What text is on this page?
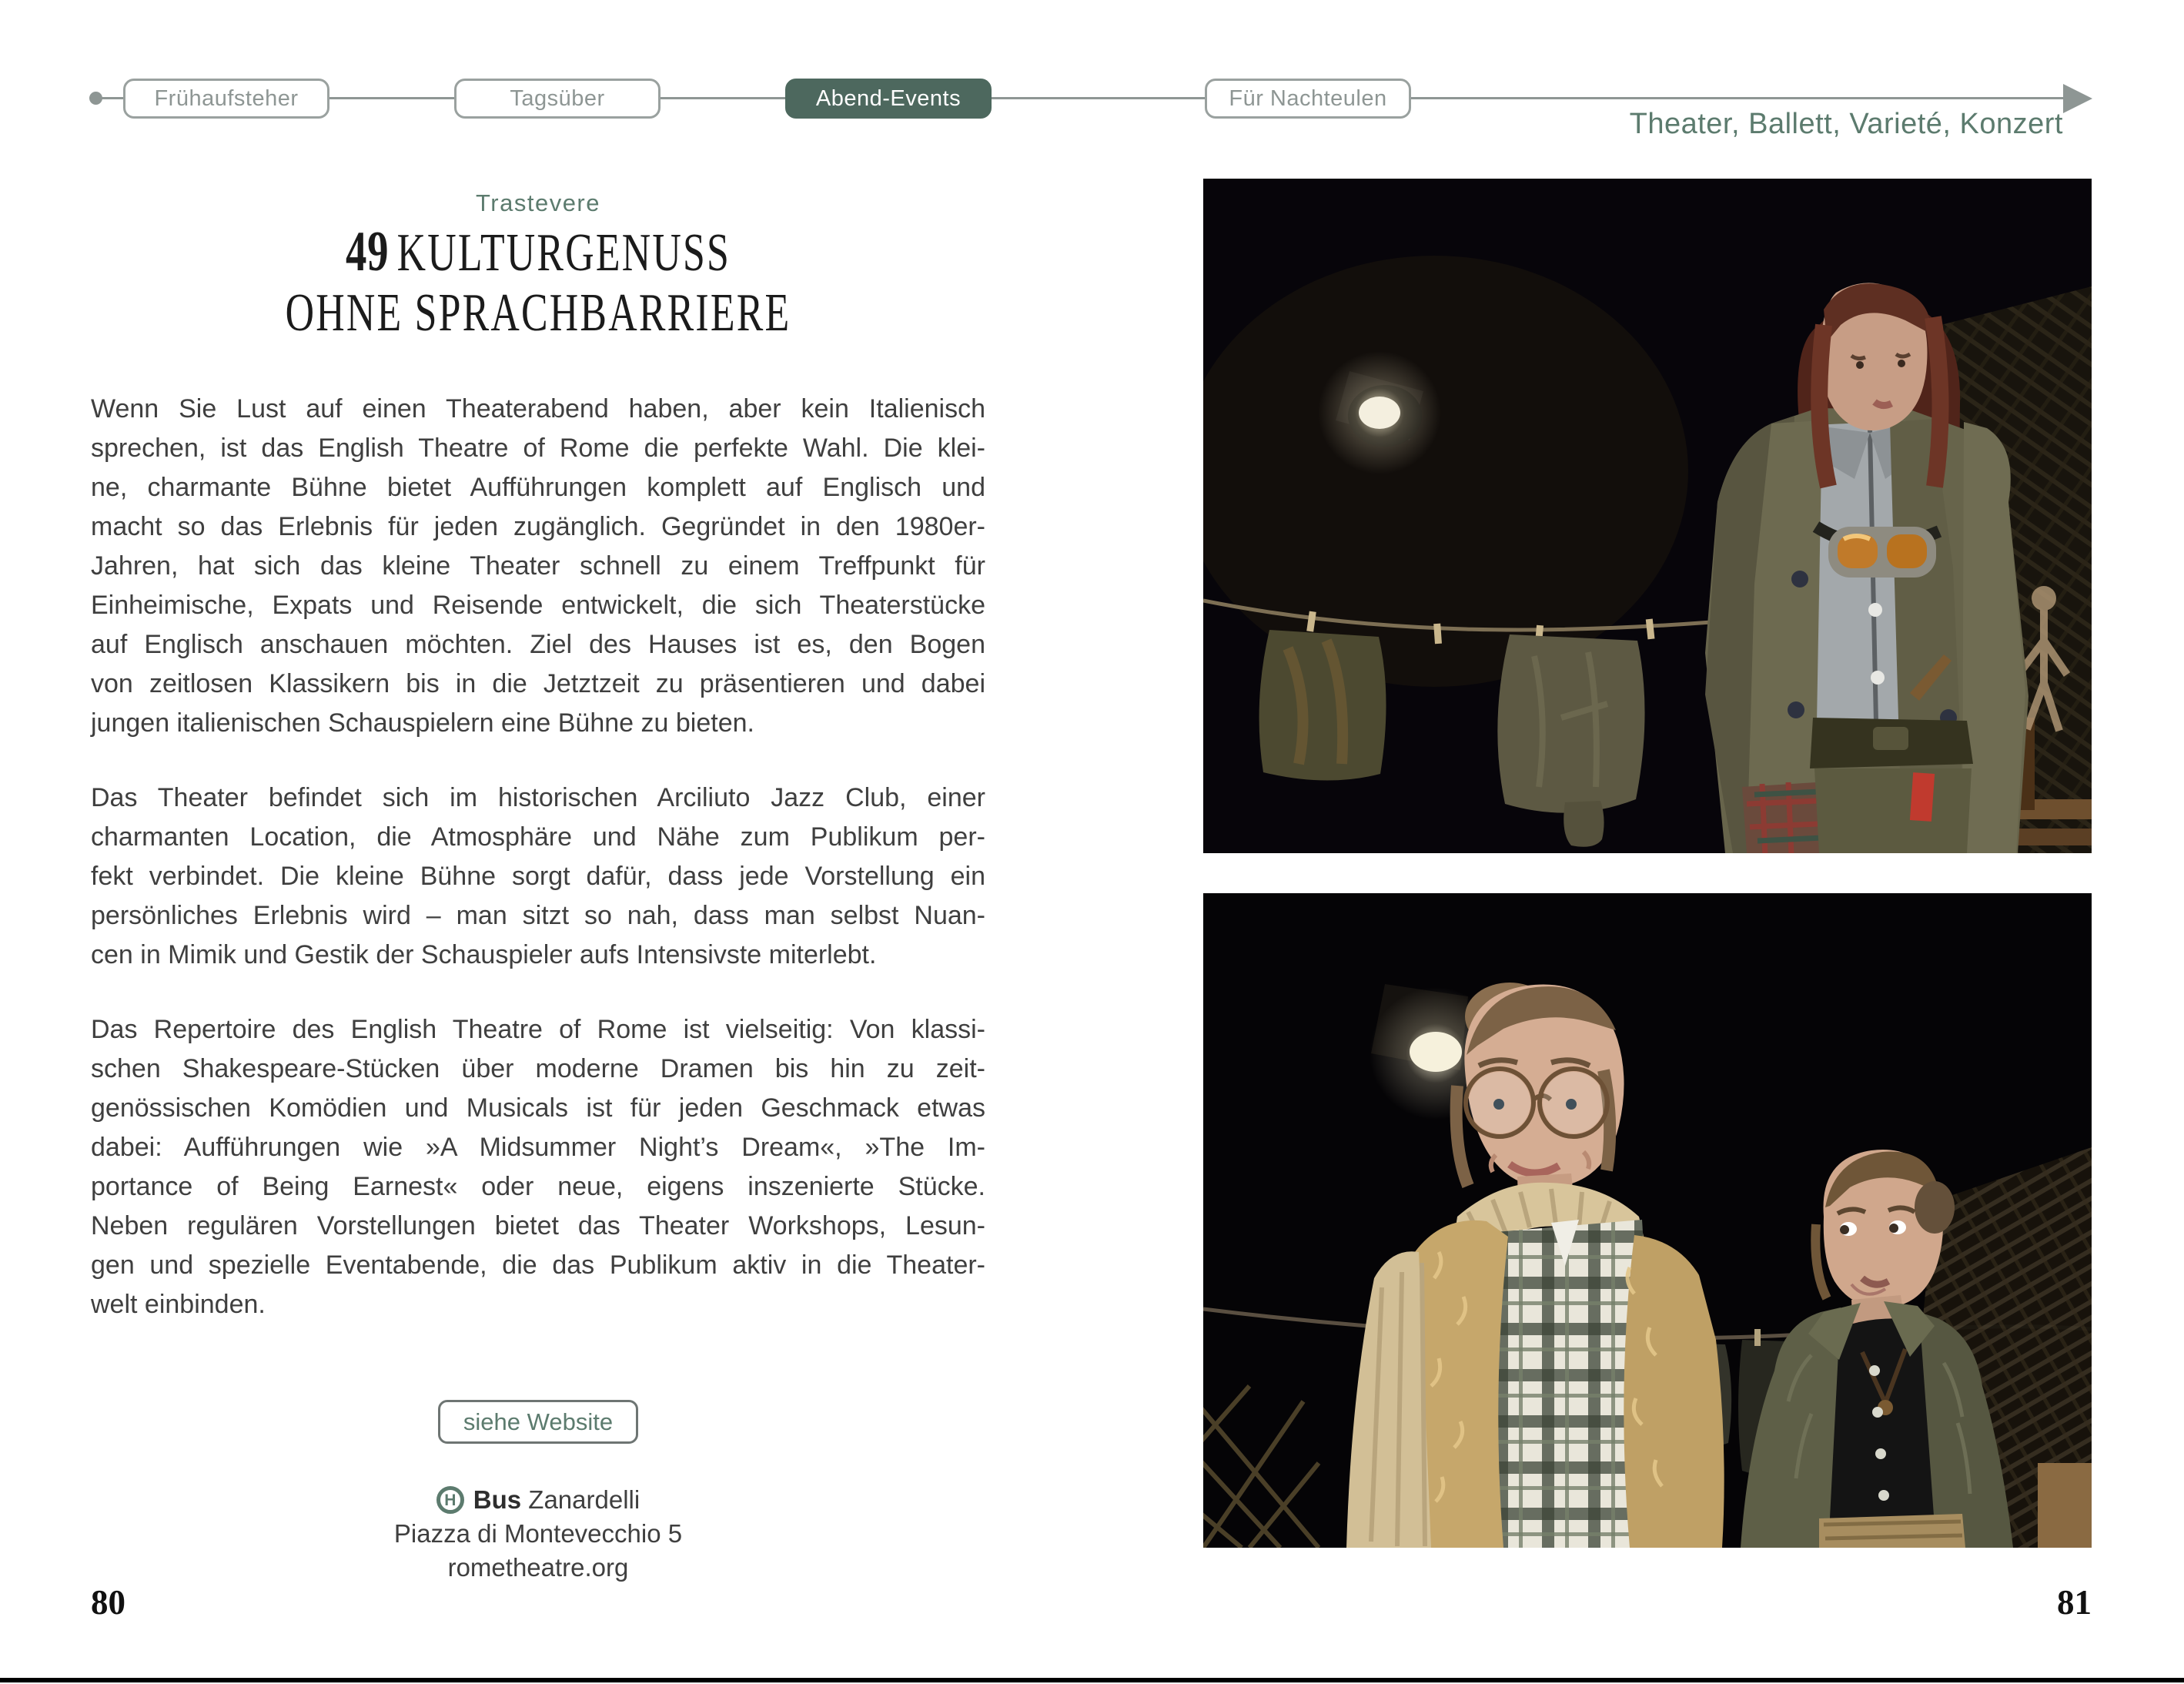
Frühaufsteher	Tagsüber	Abend-Events	Für Nachteulen
Theater, Ballett, Varieté, Konzert
Trastevere
49 KULTURGENUSS
OHNE SPRACHBARRIERE
Wenn Sie Lust auf einen Theaterabend haben, aber kein Italienisch
sprechen, ist das English Theatre of Rome die perfekte Wahl. Die klei-
ne, charmante Bühne bietet Aufführungen komplett auf Englisch und
macht so das Erlebnis für jeden zugänglich. Gegründet in den 1980er-
Jahren, hat sich das kleine Theater schnell zu einem Treffpunkt für
Einheimische, Expats und Reisende entwickelt, die sich Theaterstücke
auf Englisch anschauen möchten. Ziel des Hauses ist es, den Bogen
von zeitlosen Klassikern bis in die Jetztzeit zu präsentieren und dabei
jungen italienischen Schauspielern eine Bühne zu bieten.
Das Theater befindet sich im historischen Arciliuto Jazz Club, einer
charmanten Location, die Atmosphäre und Nähe zum Publikum per-
fekt verbindet. Die kleine Bühne sorgt dafür, dass jede Vorstellung ein
persönliches Erlebnis wird – man sitzt so nah, dass man selbst Nuan-
cen in Mimik und Gestik der Schauspieler aufs Intensivste miterlebt.
Das Repertoire des English Theatre of Rome ist vielseitig: Von klassi-
schen Shakespeare-Stücken über moderne Dramen bis hin zu zeit-
genössischen Komödien und Musicals ist für jeden Geschmack etwas
dabei: Aufführungen wie »A Midsummer Night’s Dream«, »The Im-
portance of Being Earnest« oder neue, eigens inszenierte Stücke.
Neben regulären Vorstellungen bietet das Theater Workshops, Lesun-
gen und spezielle Eventabende, die das Publikum aktiv in die Theater-
welt einbinden.
siehe Website
H Bus Zanardelli
Piazza di Montevecchio 5
rometheatre.org
80	81
